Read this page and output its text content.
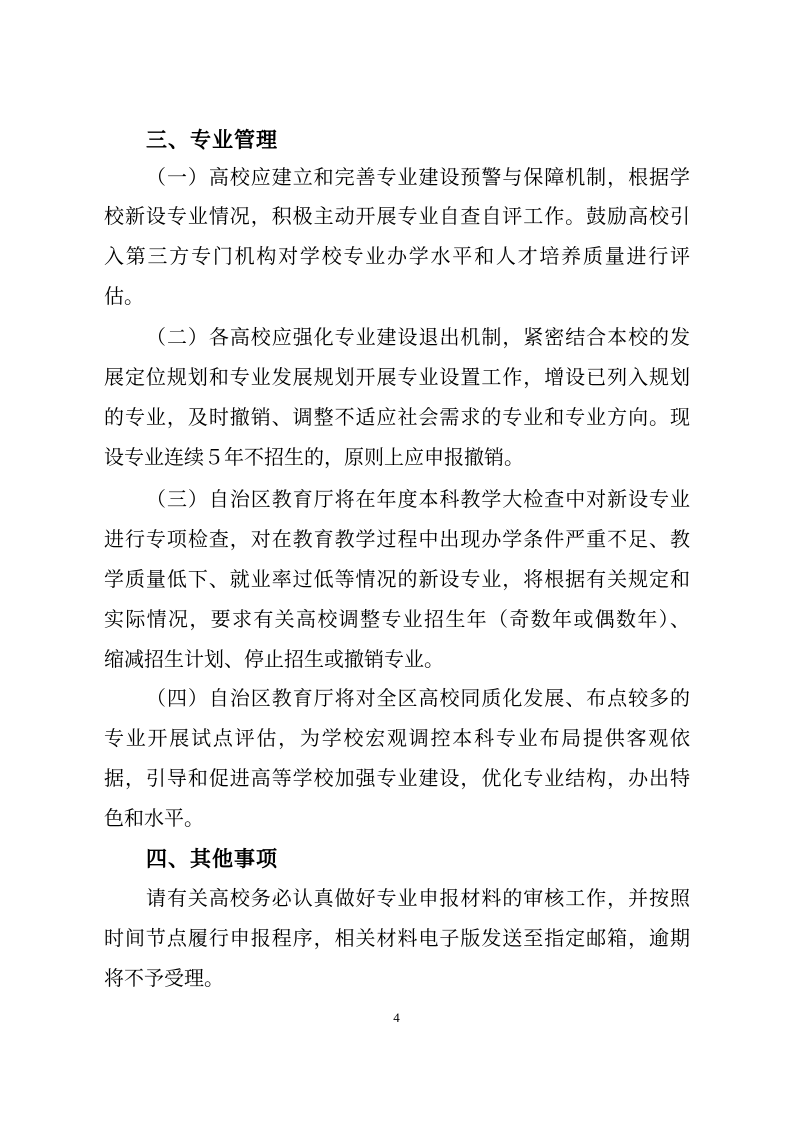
三、专业管理
（一）高校应建立和完善专业建设预警与保障机制，根据学
校新设专业情况，积极主动开展专业自查自评工作。鼓励高校引
入第三方专门机构对学校专业办学水平和人才培养质量进行评
估。
（二）各高校应强化专业建设退出机制，紧密结合本校的发
展定位规划和专业发展规划开展专业设置工作，增设已列入规划
的专业，及时撤销、调整不适应社会需求的专业和专业方向。现
设专业连续５年不招生的，原则上应申报撤销。
（三）自治区教育厅将在年度本科教学大检查中对新设专业
进行专项检查，对在教育教学过程中出现办学条件严重不足、教
学质量低下、就业率过低等情况的新设专业，将根据有关规定和
实际情况，要求有关高校调整专业招生年（奇数年或偶数年）、
缩减招生计划、停止招生或撤销专业。
（四）自治区教育厅将对全区高校同质化发展、布点较多的
专业开展试点评估，为学校宏观调控本科专业布局提供客观依
据，引导和促进高等学校加强专业建设，优化专业结构，办出特
色和水平。
四、其他事项
请有关高校务必认真做好专业申报材料的审核工作，并按照
时间节点履行申报程序，相关材料电子版发送至指定邮箱，逾期
将不予受理。
4
